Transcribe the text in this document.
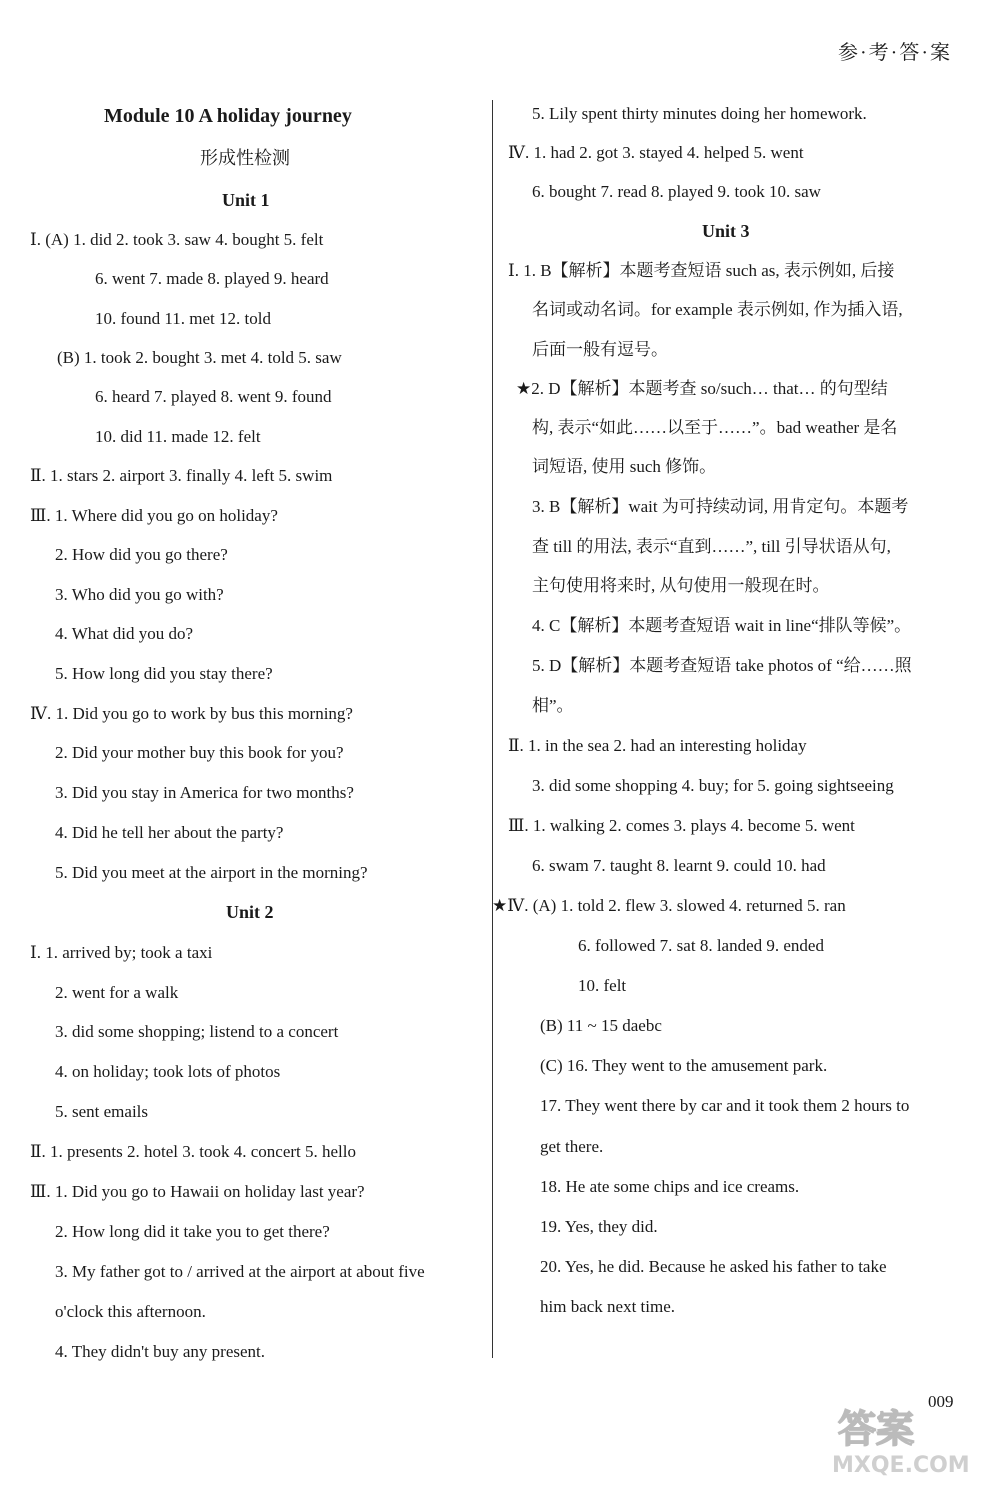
参·考·答·案
Module 10 A holiday journey
形成性检测
Unit 1
Ⅰ. (A) 1. did 2. took 3. saw 4. bought 5. felt
6. went 7. made 8. played 9. heard
10. found 11. met 12. told
(B) 1. took 2. bought 3. met 4. told 5. saw
6. heard 7. played 8. went 9. found
10. did 11. made 12. felt
Ⅱ. 1. stars 2. airport 3. finally 4. left 5. swim
Ⅲ. 1. Where did you go on holiday?
2. How did you go there?
3. Who did you go with?
4. What did you do?
5. How long did you stay there?
Ⅳ. 1. Did you go to work by bus this morning?
2. Did your mother buy this book for you?
3. Did you stay in America for two months?
4. Did he tell her about the party?
5. Did you meet at the airport in the morning?
Unit 2
Ⅰ. 1. arrived by; took a taxi
2. went for a walk
3. did some shopping; listend to a concert
4. on holiday; took lots of photos
5. sent emails
Ⅱ. 1. presents 2. hotel 3. took 4. concert 5. hello
Ⅲ. 1. Did you go to Hawaii on holiday last year?
2. How long did it take you to get there?
3. My father got to / arrived at the airport at about five
o'clock this afternoon.
4. They didn't buy any present.
5. Lily spent thirty minutes doing her homework.
Ⅳ. 1. had 2. got 3. stayed 4. helped 5. went
6. bought 7. read 8. played 9. took 10. saw
Unit 3
Ⅰ. 1. B【解析】本题考查短语 such as, 表示例如, 后接
名词或动名词。for example 表示例如, 作为插入语,
后面一般有逗号。
★2. D【解析】本题考查 so/such… that… 的句型结
构, 表示“如此……以至于……”。bad weather 是名
词短语, 使用 such 修饰。
3. B【解析】wait 为可持续动词, 用肯定句。本题考
查 till 的用法, 表示“直到……”, till 引导状语从句,
主句使用将来时, 从句使用一般现在时。
4. C【解析】本题考查短语 wait in line“排队等候”。
5. D【解析】本题考查短语 take photos of “给……照
相”。
Ⅱ. 1. in the sea 2. had an interesting holiday
3. did some shopping 4. buy; for 5. going sightseeing
Ⅲ. 1. walking 2. comes 3. plays 4. become 5. went
6. swam 7. taught 8. learnt 9. could 10. had
★Ⅳ. (A) 1. told 2. flew 3. slowed 4. returned 5. ran
6. followed 7. sat 8. landed 9. ended
10. felt
(B) 11 ~ 15 daebc
(C) 16. They went to the amusement park.
17. They went there by car and it took them 2 hours to
get there.
18. He ate some chips and ice creams.
19. Yes, they did.
20. Yes, he did. Because he asked his father to take
him back next time.
009
答案
MXQE.COM
